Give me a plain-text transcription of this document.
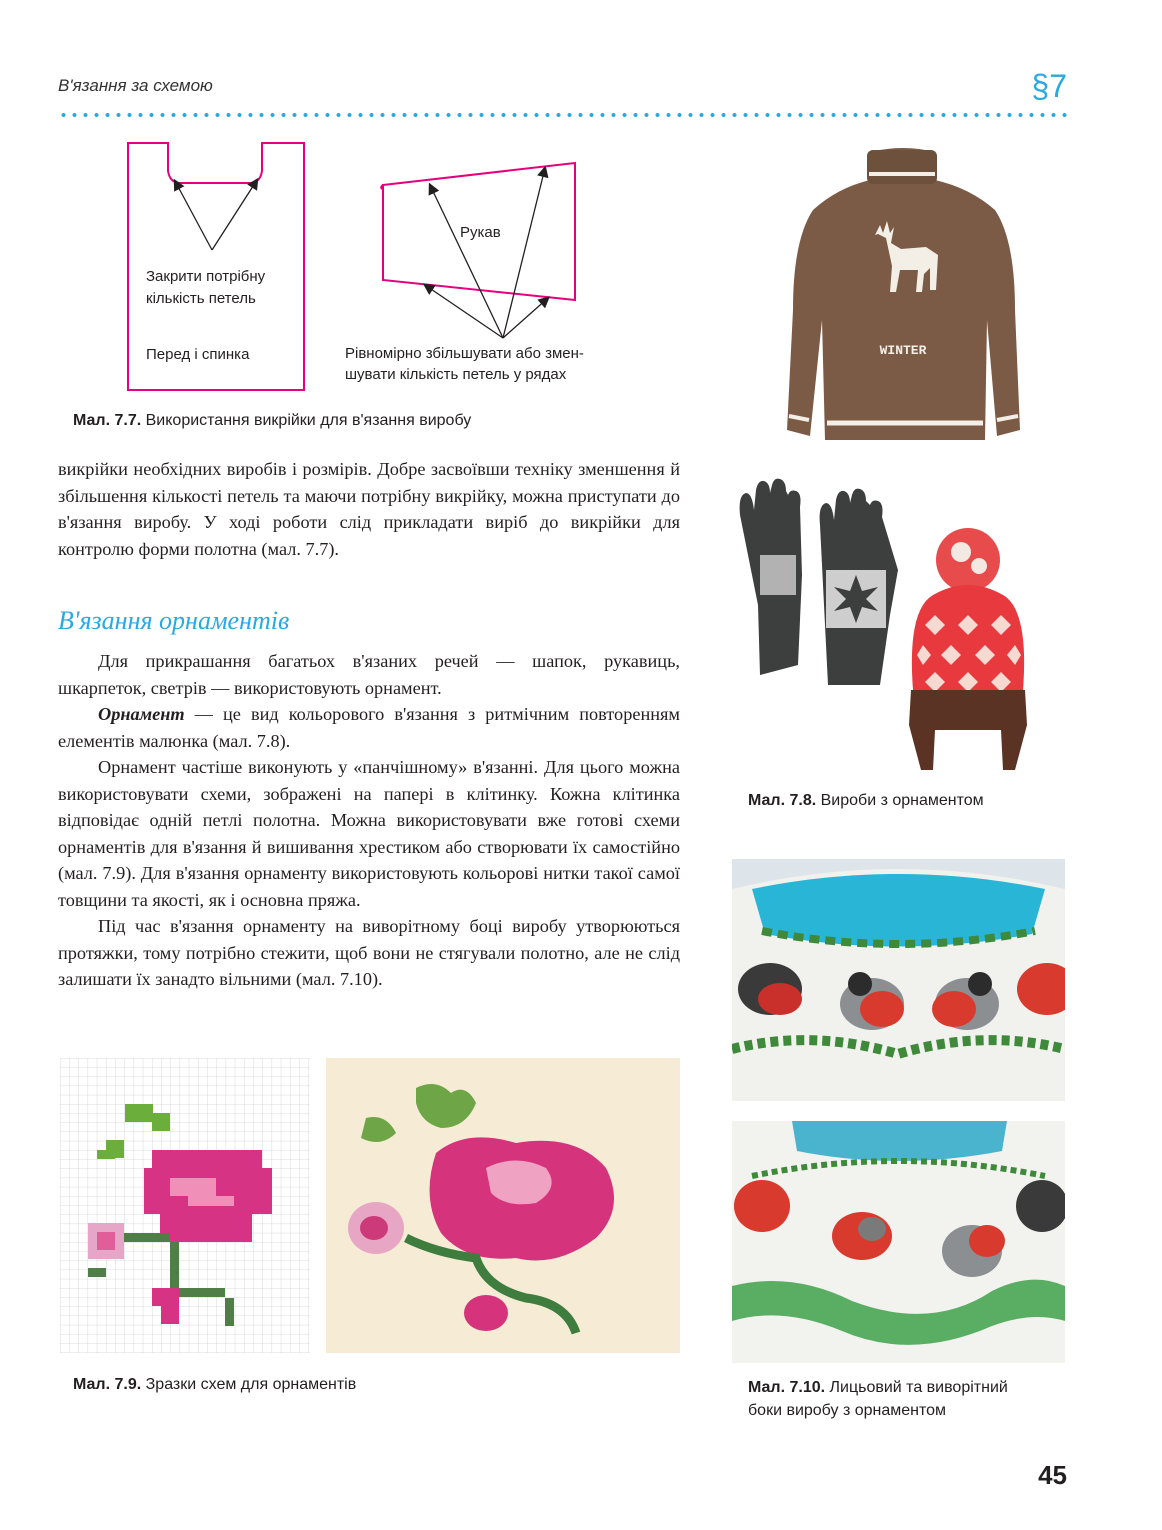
В'язання за схемою	§7
Закрити потрібну
кількість петель
Перед і спинка
Рукав
Рівномірно збільшувати або змен-
шувати кількість петель у рядах
Мал. 7.7. Використання викрійки для в'язання виробу

викрійки необхідних виробів і розмірів. Добре засвоївши техніку зменшення й збільшення кількості петель та маючи потрібну викрійку, можна приступати до в'язання виробу. У ході роботи слід прикладати виріб до викрійки для контролю форми полотна (мал. 7.7).

В'язання орнаментів

Для прикрашання багатьох в'язаних речей — шапок, рукавиць, шкарпеток, светрів — використовують орнамент.

Орнамент — це вид кольорового в'язання з ритмічним повторенням елементів малюнка (мал. 7.8).

Орнамент частіше виконують у «панчішному» в'язанні. Для цього можна використовувати схеми, зображені на папері в клітинку. Кожна клітинка відповідає одній петлі полотна. Можна використовувати вже готові схеми орнаментів для в'язання й вишивання хрестиком або створювати їх самостійно (мал. 7.9). Для в'язання орнаменту використовують кольорові нитки такої самої товщини та якості, як і основна пряжа.

Під час в'язання орнаменту на виворітному боці виробу утворюються протяжки, тому потрібно стежити, щоб вони не стягували полотно, але не слід залишати їх занадто вільними (мал. 7.10).

WINTER
Мал. 7.8. Вироби з орнаментом
Мал. 7.10. Лицьовий та виворітний
боки виробу з орнаментом
Мал. 7.9. Зразки схем для орнаментів
45
